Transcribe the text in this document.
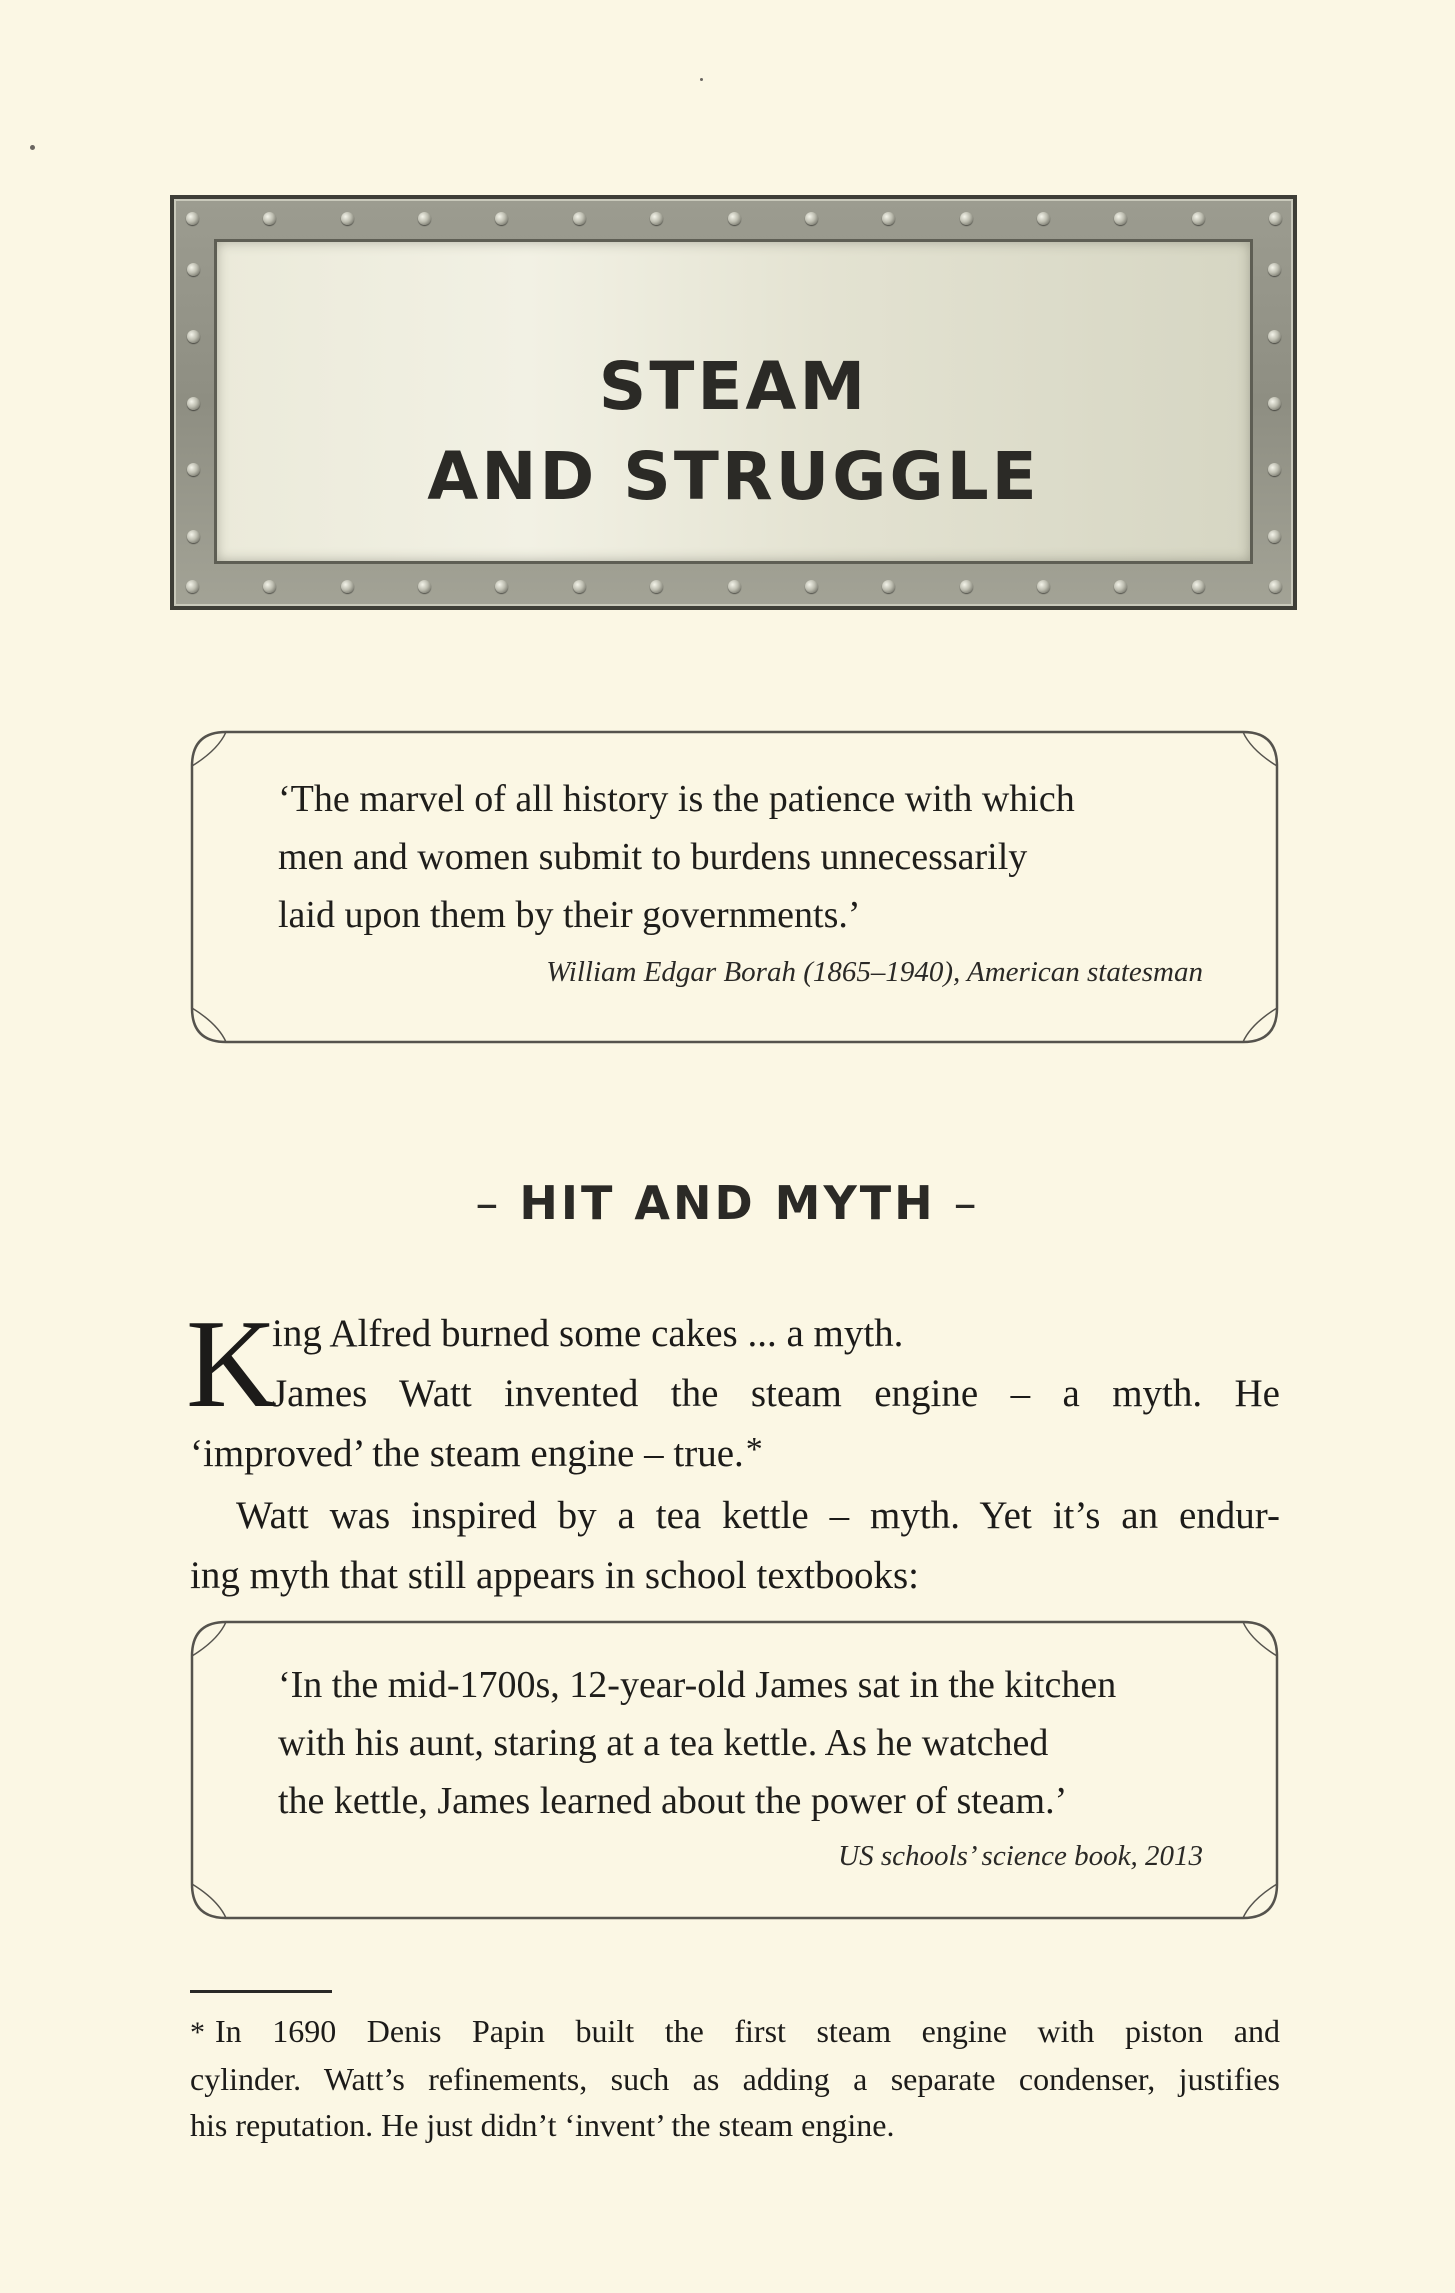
STEAM
AND STRUGGLE
‘The marvel of all history is the patience with which
men and women submit to burdens unnecessarily
laid upon them by their governments.’
William Edgar Borah (1865–1940), American statesman
– HIT AND MYTH –
K
ing Alfred burned some cakes ... a myth.
James Watt invented the steam engine – a myth. He
‘improved’ the steam engine – true.*
Watt was inspired by a tea kettle – myth. Yet it’s an endur-
ing myth that still appears in school textbooks:
‘In the mid-1700s, 12-year-old James sat in the kitchen
with his aunt, staring at a tea kettle. As he watched
the kettle, James learned about the power of steam.’
US schools’ science book, 2013
* In 1690 Denis Papin built the first steam engine with piston and
cylinder. Watt’s refinements, such as adding a separate condenser, justifies
his reputation. He just didn’t ‘invent’ the steam engine.
